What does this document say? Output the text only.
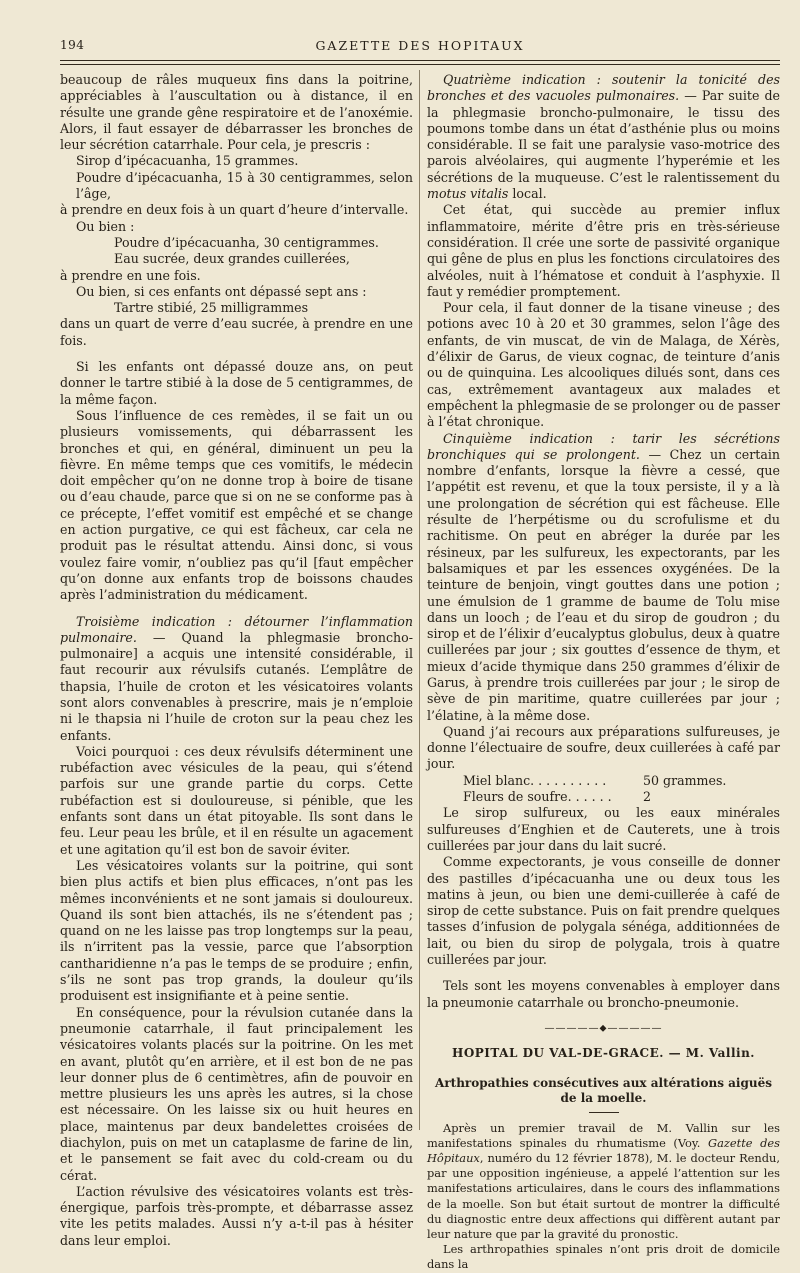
194	GAZETTE DES HOPITAUX

beaucoup de râles muqueux fins dans la poitrine, appréciables à l’auscultation ou à distance, il en résulte une grande gêne respiratoire et de l’anoxémie. Alors, il faut essayer de débarrasser les bronches de leur sécrétion catarrhale. Pour cela, je prescris :

Sirop d’ipécacuanha, 15 grammes.

Poudre d’ipécacuanha, 15 à 30 centigrammes, selon l’âge,

à prendre en deux fois à un quart d’heure d’intervalle.

Ou bien :

Poudre d’ipécacuanha, 30 centigrammes.

Eau sucrée, deux grandes cuillerées,

à prendre en une fois.

Ou bien, si ces enfants ont dépassé sept ans :

Tartre stibié, 25 milligrammes

dans un quart de verre d’eau sucrée, à prendre en une fois.

Si les enfants ont dépassé douze ans, on peut donner le tartre stibié à la dose de 5 centigrammes, de la même façon.

Sous l’influence de ces remèdes, il se fait un ou plusieurs vomissements, qui débarrassent les bronches et qui, en général, diminuent un peu la fièvre. En même temps que ces vomitifs, le médecin doit empêcher qu’on ne donne trop à boire de tisane ou d’eau chaude, parce que si on ne se conforme pas à ce précepte, l’effet vomitif est empêché et se change en action purgative, ce qui est fâcheux, car cela ne produit pas le résultat attendu. Ainsi donc, si vous voulez faire vomir, n’oubliez pas qu’il [faut empêcher qu’on donne aux enfants trop de boissons chaudes après l’administration du médicament.

Troisième indication : détourner l’inflammation pulmonaire. — Quand la phlegmasie broncho-pulmonaire] a acquis une intensité considérable, il faut recourir aux révulsifs cutanés. L’emplâtre de thapsia, l’huile de croton et les vésicatoires volants sont alors convenables à prescrire, mais je n’emploie ni le thapsia ni l’huile de croton sur la peau chez les enfants.

Voici pourquoi : ces deux révulsifs déterminent une rubéfaction avec vésicules de la peau, qui s’étend parfois sur une grande partie du corps. Cette rubéfaction est si douloureuse, si pénible, que les enfants sont dans un état pitoyable. Ils sont dans le feu. Leur peau les brûle, et il en résulte un agacement et une agitation qu’il est bon de savoir éviter.

Les vésicatoires volants sur la poitrine, qui sont bien plus actifs et bien plus efficaces, n’ont pas les mêmes inconvénients et ne sont jamais si douloureux. Quand ils sont bien attachés, ils ne s’étendent pas ; quand on ne les laisse pas trop longtemps sur la peau, ils n’irritent pas la vessie, parce que l’absorption cantharidienne n’a pas le temps de se produire ; enfin, s’ils ne sont pas trop grands, la douleur qu’ils produisent est insignifiante et à peine sentie.

En conséquence, pour la révulsion cutanée dans la pneumonie catarrhale, il faut principalement les vésicatoires volants placés sur la poitrine. On les met en avant, plutôt qu’en arrière, et il est bon de ne pas leur donner plus de 6 centimètres, afin de pouvoir en mettre plusieurs les uns après les autres, si la chose est nécessaire. On les laisse six ou huit heures en place, maintenus par deux bandelettes croisées de diachylon, puis on met un cataplasme de farine de lin, et le pansement se fait avec du cold-cream ou du cérat.

L’action révulsive des vésicatoires volants est très-énergique, parfois très-prompte, et débarrasse assez vite les petits malades. Aussi n’y a-t-il pas à hésiter dans leur emploi.

Quatrième indication : soutenir la tonicité des bronches et des vacuoles pulmonaires. — Par suite de la phlegmasie broncho-pulmonaire, le tissu des poumons tombe dans un état d’asthénie plus ou moins considérable. Il se fait une paralysie vaso-motrice des parois alvéolaires, qui augmente l’hyperémie et les sécrétions de la muqueuse. C’est le ralentissement du motus vitalis local.

Cet état, qui succède au premier influx inflammatoire, mérite d’être pris en très-sérieuse considération. Il crée une sorte de passivité organique qui gêne de plus en plus les fonctions circulatoires des alvéoles, nuit à l’hématose et conduit à l’asphyxie. Il faut y remédier promptement.

Pour cela, il faut donner de la tisane vineuse ; des potions avec 10 à 20 et 30 grammes, selon l’âge des enfants, de vin muscat, de vin de Malaga, de Xérès, d’élixir de Garus, de vieux cognac, de teinture d’anis ou de quinquina. Les alcooliques dilués sont, dans ces cas, extrêmement avantageux aux malades et empêchent la phlegmasie de se prolonger ou de passer à l’état chronique.

Cinquième indication : tarir les sécrétions bronchiques qui se prolongent. — Chez un certain nombre d’enfants, lorsque la fièvre a cessé, que l’appétit est revenu, et que la toux persiste, il y a là une prolongation de sécrétion qui est fâcheuse. Elle résulte de l’herpétisme ou du scrofulisme et du rachitisme. On peut en abréger la durée par les résineux, par les sulfureux, les expectorants, par les balsamiques et par les essences oxygénées. De la teinture de benjoin, vingt gouttes dans une potion ; une émulsion de 1 gramme de baume de Tolu mise dans un looch ; de l’eau et du sirop de goudron ; du sirop et de l’élixir d’eucalyptus globulus, deux à quatre cuillerées par jour ; six gouttes d’essence de thym, et mieux d’acide thymique dans 250 grammes d’élixir de Garus, à prendre trois cuillerées par jour ; le sirop de sève de pin maritime, quatre cuillerées par jour ; l’élatine, à la même dose.

Quand j’ai recours aux préparations sulfureuses, je donne l’électuaire de soufre, deux cuillerées à café par jour.

Miel blanc. . . . . . . . . .	50 grammes.
Fleurs de soufre. . . . . .	2

Le sirop sulfureux, ou les eaux minérales sulfureuses d’Enghien et de Cauterets, une à trois cuillerées par jour dans du lait sucré.

Comme expectorants, je vous conseille de donner des pastilles d’ipécacuanha une ou deux tous les matins à jeun, ou bien une demi-cuillerée à café de sirop de cette substance. Puis on fait prendre quelques tasses d’infusion de polygala sénéga, additionnées de lait, ou bien du sirop de polygala, trois à quatre cuillerées par jour.

Tels sont les moyens convenables à employer dans la pneumonie catarrhale ou broncho-pneumonie.

—————⬥—————
HOPITAL DU VAL-DE-GRACE. — M. Vallin.
Arthropathies consécutives aux altérations aiguës
de la moelle.

Après un premier travail de M. Vallin sur les manifestations spinales du rhumatisme (Voy. Gazette des Hôpitaux, numéro du 12 février 1878), M. le docteur Rendu, par une opposition ingénieuse, a appelé l’attention sur les manifestations articulaires, dans le cours des inflammations de la moelle. Son but était surtout de montrer la difficulté du diagnostic entre deux affections qui diffèrent autant par leur nature que par la gravité du pronostic.

Les arthropathies spinales n’ont pris droit de domicile dans la
